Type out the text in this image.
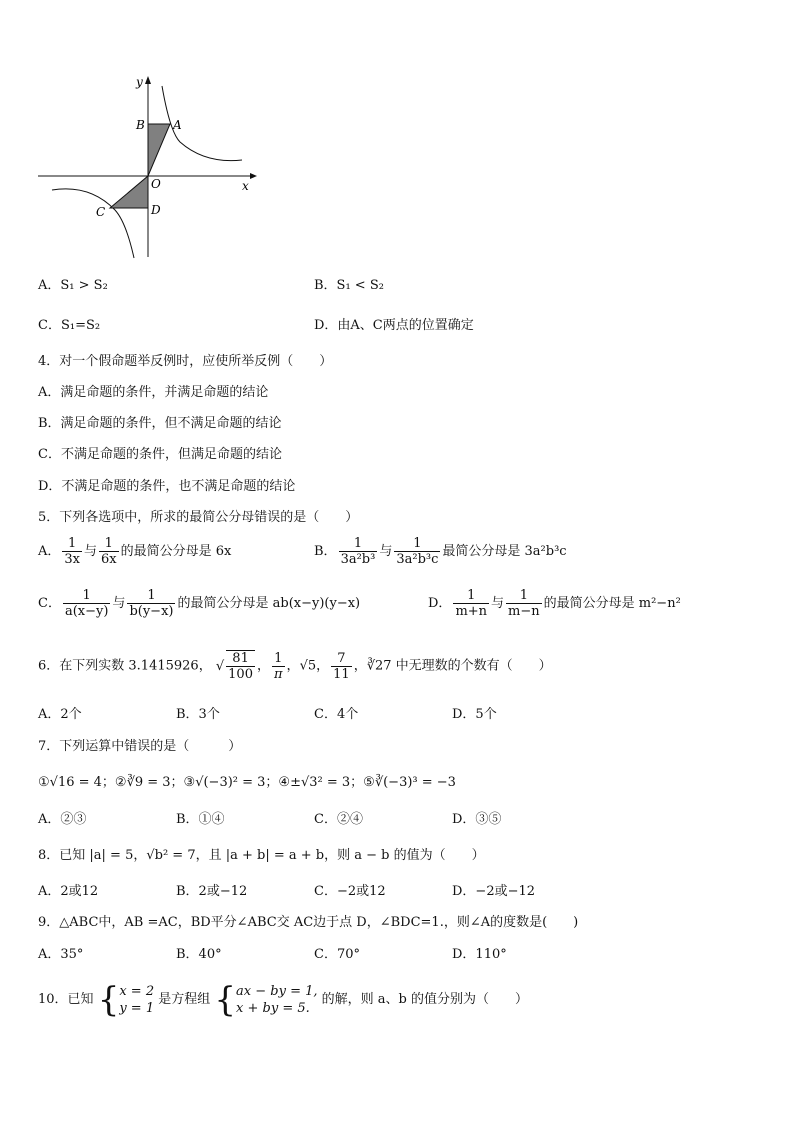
y
x
A
B
O
C	D
A．S₁ > S₂	B．S₁ < S₂
C．S₁=S₂	D．由A、C两点的位置确定
4．对一个假命题举反例时，应使所举反例（　　）
A．满足命题的条件，并满足命题的结论
B．满足命题的条件，但不满足命题的结论
C．不满足命题的条件，但满足命题的结论
D．不满足命题的条件，也不满足命题的结论
5．下列各选项中，所求的最简公分母错误的是（　　）
A． $\frac{1}{3x}$ 与 $\frac{1}{6x}$ 的最简公分母是 6x	B． $\frac{1}{\text{3a²b³}}$ 与 $\frac{1}{\text{3a²b³c}}$ 最简公分母是 3a²b³c
C． $\frac{1}{a(x-y)}$ 与 $\frac{1}{b(y-x)}$ 的最简公分母是 ab(x−y)(y−x)	D． $\frac{1}{m+n}$ 与 $\frac{1}{m-n}$ 的最简公分母是 m²−n²
6．在下列实数 3.1415926， √ $\frac{81}{100}$ ， $\frac{1}{\pi}$ ，√5， $\frac{7}{11}$ ，∛27 中无理数的个数有（　　）
A．2个	B．3个	C．4个	D．5个
7．下列运算中错误的是（　　　）
①√16 = 4；②∛9 = 3；③√(−3)² = 3；④±√3² = 3；⑤∛(−3)³ = −3
A．②③	B．①④	C．②④	D．③⑤
8．已知 |a| = 5，√b² = 7，且 |a + b| = a + b，则 a − b 的值为（　　）
A．2或12	B．2或−12	C．−2或12	D．−2或−12
9．△ABC中，AB =AC，BD平分∠ABC交 AC边于点 D，∠BDC=1.，则∠A的度数是(　　)
A．35°	B．40°	C．70°	D．110°
10．已知 { x = 2
y = 1
是方程组 { ax − by = 1,
x + by = 5.
的解，则 a、b 的值分别为（　　）
